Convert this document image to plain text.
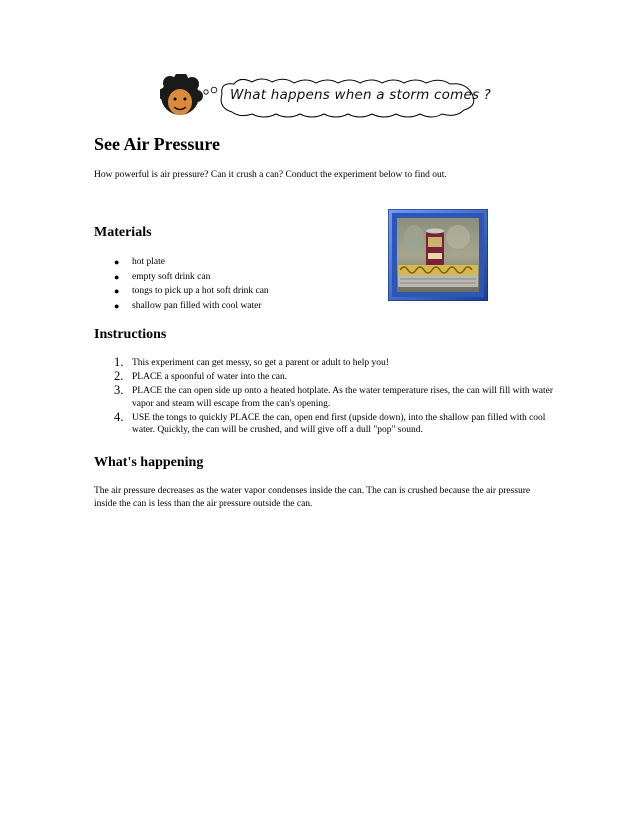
What happens when a storm comes ?
See Air Pressure

How powerful is air pressure? Can it crush a can? Conduct the experiment below to find out.

Materials
● hot plate
● empty soft drink can
● tongs to pick up a hot soft drink can
● shallow pan filled with cool water
Instructions
1. This experiment can get messy, so get a parent or adult to help you!
2. PLACE a spoonful of water into the can.
3. PLACE the can open side up onto a heated hotplate. As the water temperature rises, the can will fill with water vapor and steam will escape from the can's opening.
4. USE the tongs to quickly PLACE the can, open end first (upside down), into the shallow pan filled with cool water. Quickly, the can will be crushed, and will give off a dull "pop" sound.
What's happening

The air pressure decreases as the water vapor condenses inside the can. The can is crushed because the air pressure inside the can is less than the air pressure outside the can.
